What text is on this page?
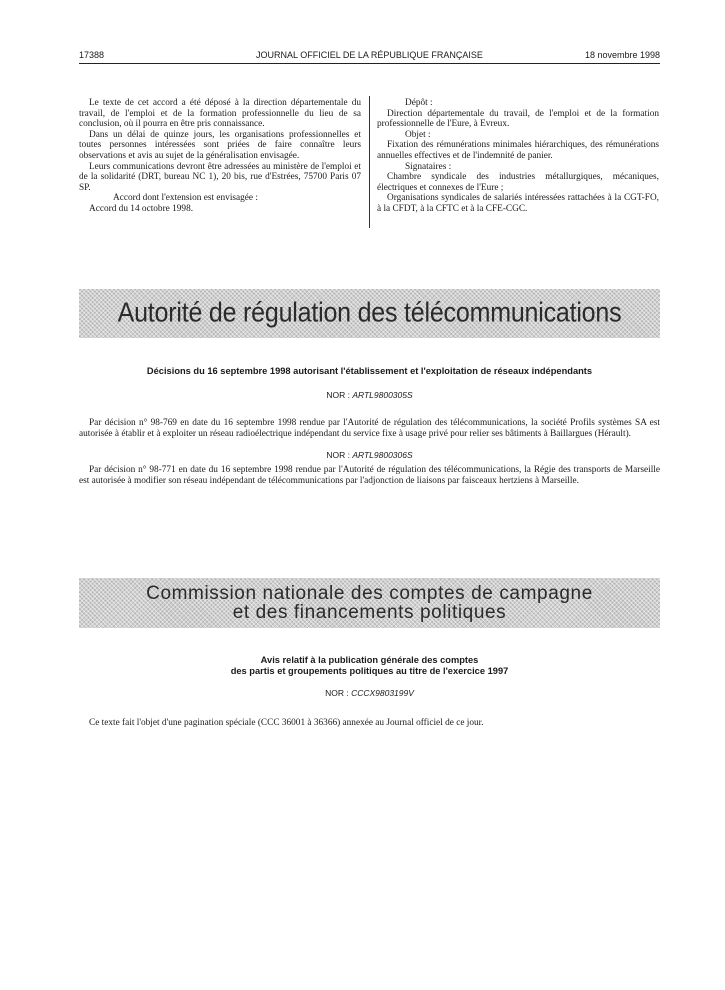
17388	JOURNAL OFFICIEL DE LA RÉPUBLIQUE FRANÇAISE	18 novembre 1998

Le texte de cet accord a été déposé à la direction départementale du travail, de l'emploi et de la formation professionnelle du lieu de sa conclusion, où il pourra en être pris connaissance.

Dans un délai de quinze jours, les organisations professionnelles et toutes personnes intéressées sont priées de faire connaître leurs observations et avis au sujet de la généralisation envisagée.

Leurs communications devront être adressées au ministère de l'emploi et de la solidarité (DRT, bureau NC 1), 20 bis, rue d'Estrées, 75700 Paris 07 SP.

Accord dont l'extension est envisagée :

Accord du 14 octobre 1998.

Dépôt :

Direction départementale du travail, de l'emploi et de la formation professionnelle de l'Eure, à Evreux.

Objet :

Fixation des rémunérations minimales hiérarchiques, des rémunérations annuelles effectives et de l'indemnité de panier.

Signataires :

Chambre syndicale des industries métallurgiques, mécaniques, électriques et connexes de l'Eure ;

Organisations syndicales de salariés intéressées rattachées à la CGT-FO, à la CFDT, à la CFTC et à la CFE-CGC.

Autorité de régulation des télécommunications
Décisions du 16 septembre 1998 autorisant l'établissement et l'exploitation de réseaux indépendants
NOR : ARTL9800305S

Par décision n° 98-769 en date du 16 septembre 1998 rendue par l'Autorité de régulation des télécommunications, la société Profils systèmes SA est autorisée à établir et à exploiter un réseau radioélectrique indépendant du service fixe à usage privé pour relier ses bâtiments à Baillargues (Hérault).

NOR : ARTL9800306S

Par décision n° 98-771 en date du 16 septembre 1998 rendue par l'Autorité de régulation des télécommunications, la Régie des transports de Marseille est autorisée à modifier son réseau indépendant de télécommunications par l'adjonction de liaisons par faisceaux hertziens à Marseille.

Commission nationale des comptes de campagne
et des financements politiques
Avis relatif à la publication générale des comptes
des partis et groupements politiques au titre de l'exercice 1997
NOR : CCCX9803199V

Ce texte fait l'objet d'une pagination spéciale (CCC 36001 à 36366) annexée au Journal officiel de ce jour.
